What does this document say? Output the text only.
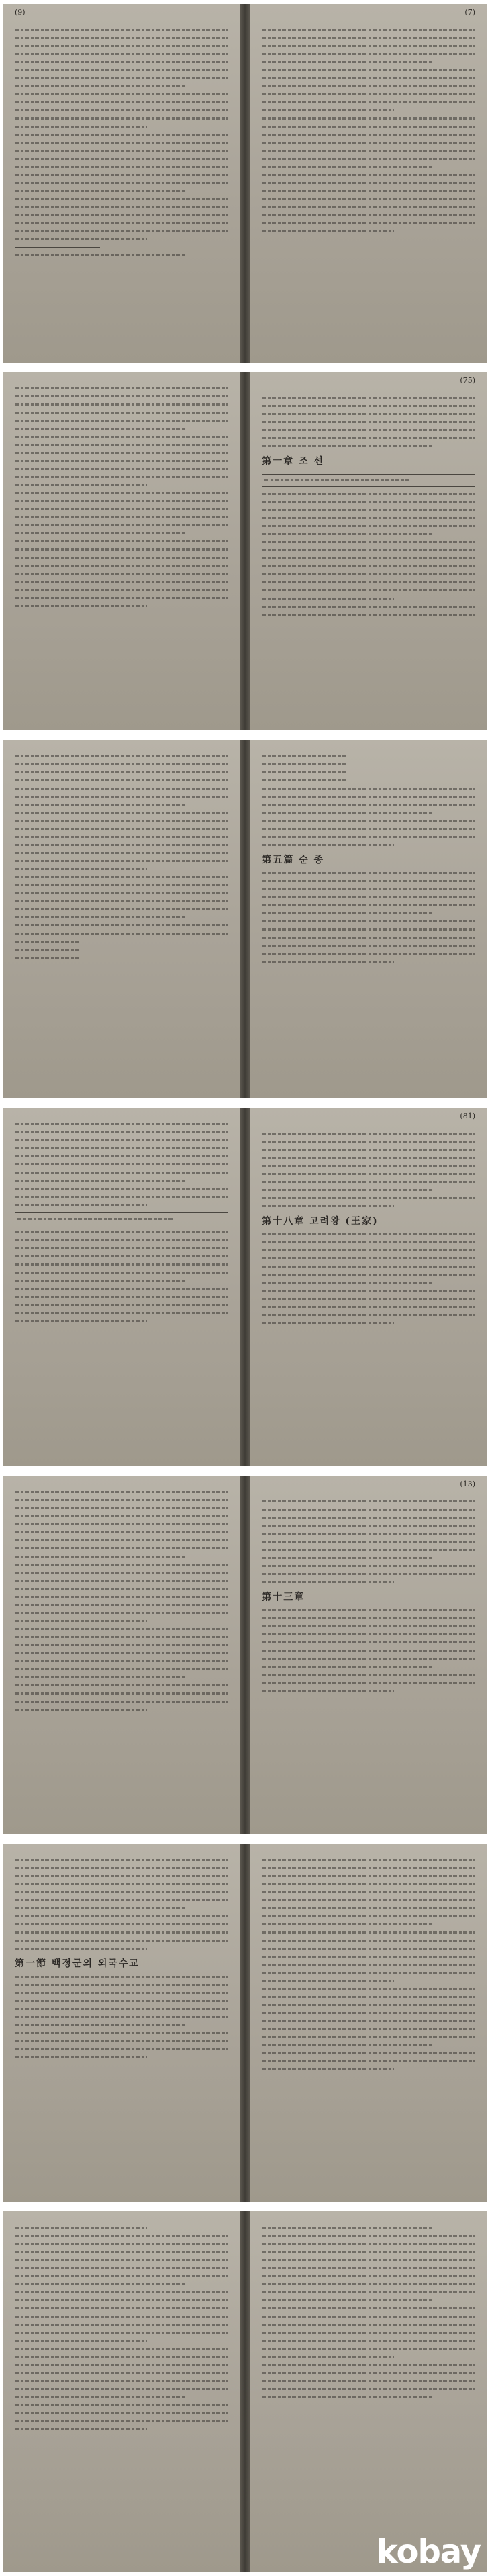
(9)	(7)
(75)
第一章 조 선
第五篇 순 종
(81)
第十八章 고려왕 (王家)
(13)
第十三章
第一節 백정군의 외국수교
kobay
